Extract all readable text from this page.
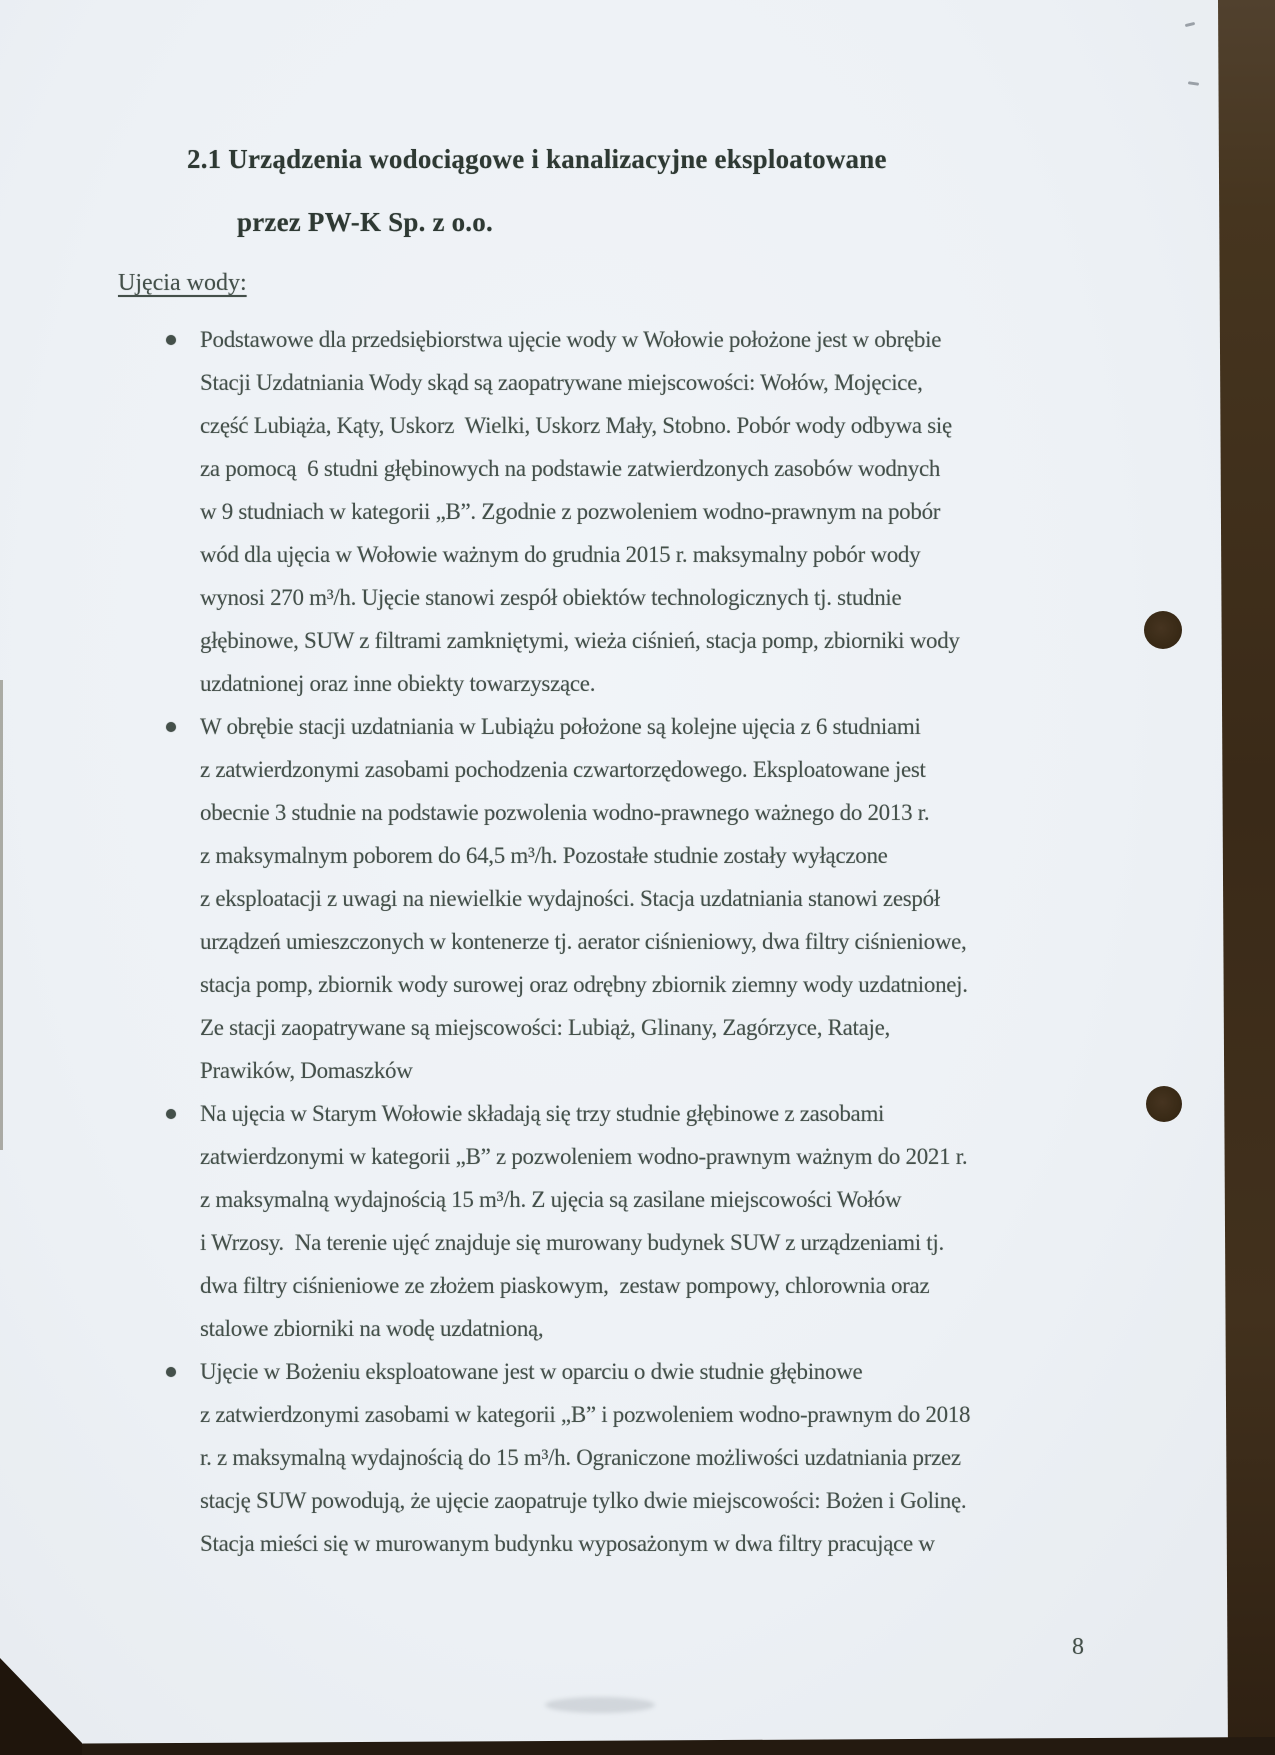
2.1 Urządzenia wodociągowe i kanalizacyjne eksploatowane
przez PW-K Sp. z o.o.
Ujęcia wody:
Podstawowe dla przedsiębiorstwa ujęcie wody w Wołowie położone jest w obrębie
Stacji Uzdatniania Wody skąd są zaopatrywane miejscowości: Wołów, Mojęcice,
część Lubiąża, Kąty, Uskorz  Wielki, Uskorz Mały, Stobno. Pobór wody odbywa się
za pomocą  6 studni głębinowych na podstawie zatwierdzonych zasobów wodnych
w 9 studniach w kategorii „B”. Zgodnie z pozwoleniem wodno-prawnym na pobór
wód dla ujęcia w Wołowie ważnym do grudnia 2015 r. maksymalny pobór wody
wynosi 270 m³/h. Ujęcie stanowi zespół obiektów technologicznych tj. studnie
głębinowe, SUW z filtrami zamkniętymi, wieża ciśnień, stacja pomp, zbiorniki wody
uzdatnionej oraz inne obiekty towarzyszące.
W obrębie stacji uzdatniania w Lubiążu położone są kolejne ujęcia z 6 studniami
z zatwierdzonymi zasobami pochodzenia czwartorzędowego. Eksploatowane jest
obecnie 3 studnie na podstawie pozwolenia wodno-prawnego ważnego do 2013 r.
z maksymalnym poborem do 64,5 m³/h. Pozostałe studnie zostały wyłączone
z eksploatacji z uwagi na niewielkie wydajności. Stacja uzdatniania stanowi zespół
urządzeń umieszczonych w kontenerze tj. aerator ciśnieniowy, dwa filtry ciśnieniowe,
stacja pomp, zbiornik wody surowej oraz odrębny zbiornik ziemny wody uzdatnionej.
Ze stacji zaopatrywane są miejscowości: Lubiąż, Glinany, Zagórzyce, Rataje,
Prawików, Domaszków
Na ujęcia w Starym Wołowie składają się trzy studnie głębinowe z zasobami
zatwierdzonymi w kategorii „B” z pozwoleniem wodno-prawnym ważnym do 2021 r.
z maksymalną wydajnością 15 m³/h. Z ujęcia są zasilane miejscowości Wołów
i Wrzosy.  Na terenie ujęć znajduje się murowany budynek SUW z urządzeniami tj.
dwa filtry ciśnieniowe ze złożem piaskowym,  zestaw pompowy, chlorownia oraz
stalowe zbiorniki na wodę uzdatnioną,
Ujęcie w Bożeniu eksploatowane jest w oparciu o dwie studnie głębinowe
z zatwierdzonymi zasobami w kategorii „B” i pozwoleniem wodno-prawnym do 2018
r. z maksymalną wydajnością do 15 m³/h. Ograniczone możliwości uzdatniania przez
stację SUW powodują, że ujęcie zaopatruje tylko dwie miejscowości: Bożen i Golinę.
Stacja mieści się w murowanym budynku wyposażonym w dwa filtry pracujące w
8
